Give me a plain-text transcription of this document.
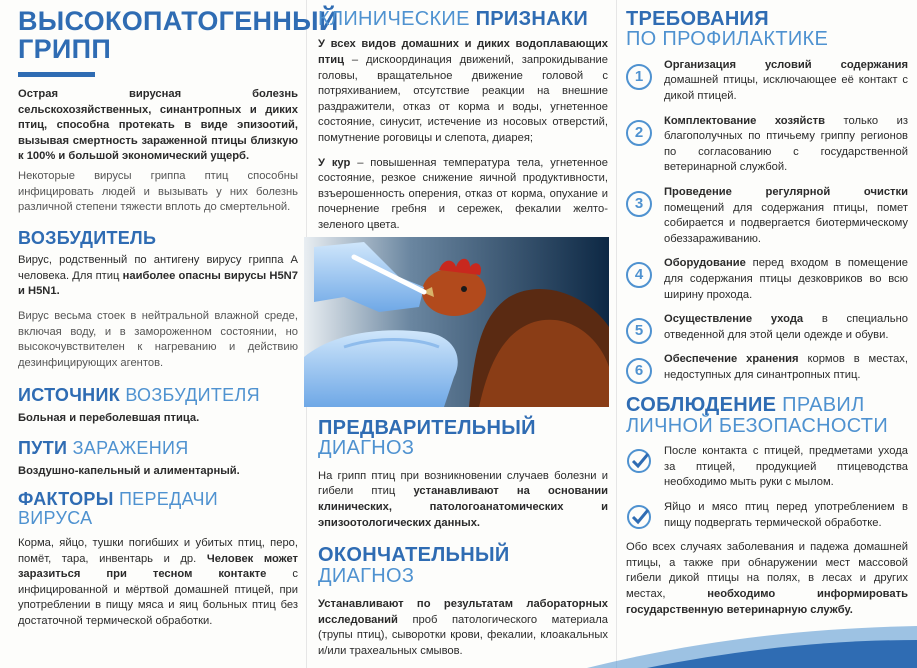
ВЫСОКОПАТОГЕННЫЙ
ГРИПП

Острая вирусная болезнь сельскохозяйственных, синантропных и диких птиц, способна протекать в виде эпизоотий, вызывая смертность зараженной птицы близкую к 100% и большой экономический ущерб.

Некоторые вирусы гриппа птиц способны инфицировать людей и вызывать у них болезнь различной степени тяжести вплоть до смертельной.

ВОЗБУДИТЕЛЬ

Вирус, родственный по антигену вирусу гриппа А человека. Для птиц наиболее опасны вирусы H5N7 и H5N1.

Вирус весьма стоек в нейтральной влажной среде, включая воду, и в замороженном состоянии, но высокочувствителен к нагреванию и действию дезинфицирующих агентов.

ИСТОЧНИК ВОЗБУДИТЕЛЯ

Больная и переболевшая птица.

ПУТИ ЗАРАЖЕНИЯ

Воздушно-капельный и алиментарный.

ФАКТОРЫ ПЕРЕДАЧИ
ВИРУСА

Корма, яйцо, тушки погибших и убитых птиц, перо, помёт, тара, инвентарь и др. Человек может заразиться при тесном контакте с инфицированной и мёртвой домашней птицей, при употреблении в пищу мяса и яиц больных птиц без достаточной термической обработки.

КЛИНИЧЕСКИЕ ПРИЗНАКИ

У всех видов домашних и диких водоплавающих птиц – дискоординация движений, запрокидывание головы, вращательное движение головой с потряхиванием, отсутствие реакции на внешние раздражители, отказ от корма и воды, угнетенное состояние, синусит, истечение из носовых отверстий, помутнение роговицы и слепота, диарея;

У кур – повышенная температура тела, угнетенное состояние, резкое снижение яичной продуктивности, взъерошенность оперения, отказ от корма, опухание и почернение гребня и сережек, фекалии желто-зеленого цвета.

ПРЕДВАРИТЕЛЬНЫЙ
ДИАГНОЗ

На грипп птиц при возникновении случаев болезни и гибели птиц устанавливают на основании клинических, патологоанатомических и эпизоотологических данных.

ОКОНЧАТЕЛЬНЫЙ ДИАГНОЗ

Устанавливают по результатам лабораторных исследований проб патологического материала (трупы птиц), сыворотки крови, фекалии, клоакальных и/или трахеальных смывов.

ТРЕБОВАНИЯ
ПО ПРОФИЛАКТИКЕ
1

Организация условий содержания домашней птицы, исключающее её контакт с дикой птицей.

2

Комплектование хозяйств только из благополучных по птичьему гриппу регионов по согласованию с государственной ветеринарной службой.

3

Проведение регулярной очистки помещений для содержания птицы, помет собирается и подвергается биотермическому обеззараживанию.

4

Оборудование перед входом в помещение для содержания птицы дезковриков во всю ширину прохода.

5

Осуществление ухода в специально отведенной для этой цели одежде и обуви.

6

Обеспечение хранения кормов в местах, недоступных для синантропных птиц.

СОБЛЮДЕНИЕ ПРАВИЛ
ЛИЧНОЙ БЕЗОПАСНОСТИ

После контакта с птицей, предметами ухода за птицей, продукцией птицеводства необходимо мыть руки с мылом.

Яйцо и мясо птиц перед употреблением в пищу подвергать термической обработке.

Обо всех случаях заболевания и падежа домашней птицы, а также при обнаружении мест массовой гибели дикой птицы на полях, в лесах и других местах, необходимо информировать государственную ветеринарную службу.
